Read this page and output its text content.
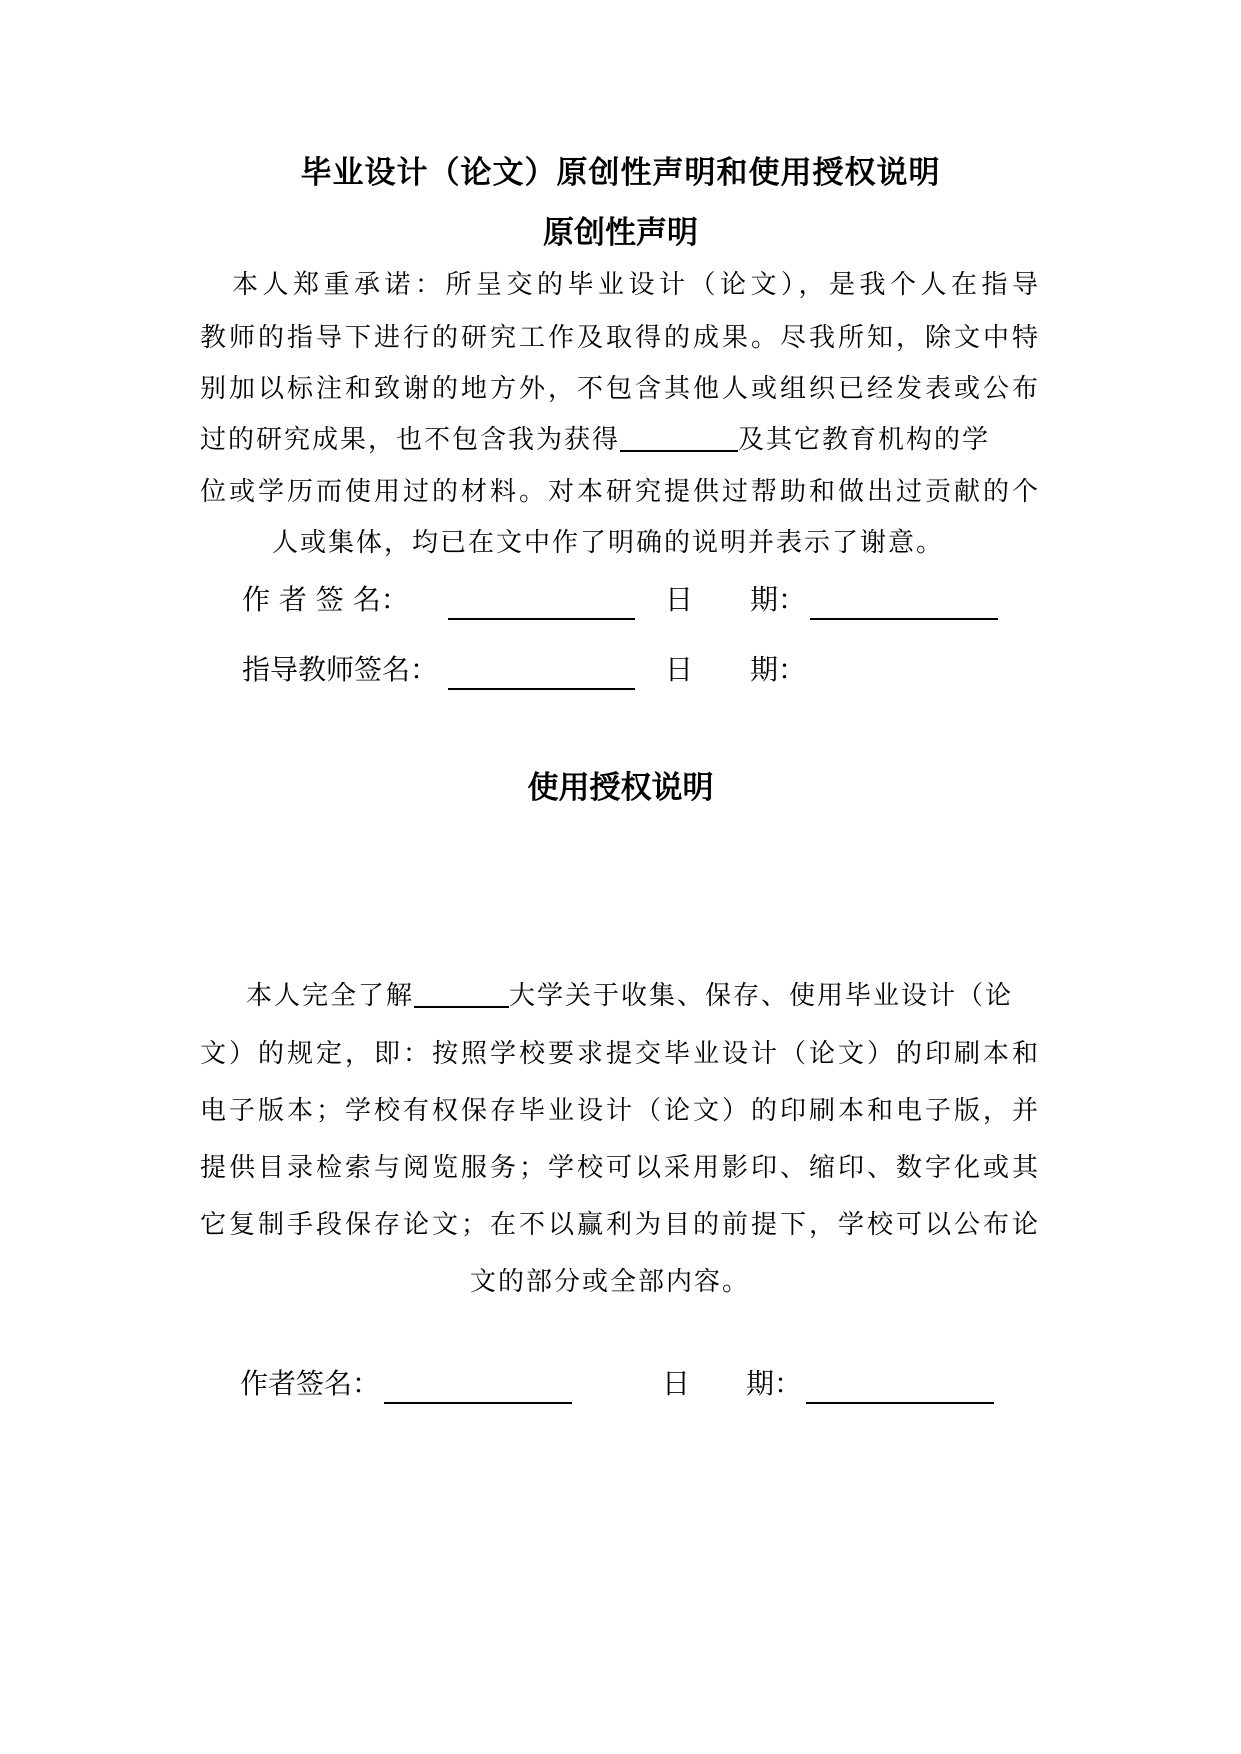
毕业设计（论文）原创性声明和使用授权说明
原创性声明
本人郑重承诺：所呈交的毕业设计（论文），是我个人在指导
教师的指导下进行的研究工作及取得的成果。尽我所知，除文中特
别加以标注和致谢的地方外，不包含其他人或组织已经发表或公布
过的研究成果，也不包含我为获得	及其它教育机构的学
位或学历而使用过的材料。对本研究提供过帮助和做出过贡献的个
人或集体，均已在文中作了明确的说明并表示了谢意。
作 者 签 名：	日 期：
指导教师签名：	日 期：
使用授权说明
本人完全了解	大学关于收集、保存、使用毕业设计（论
文）的规定，即：按照学校要求提交毕业设计（论文）的印刷本和
电子版本；学校有权保存毕业设计（论文）的印刷本和电子版，并
提供目录检索与阅览服务；学校可以采用影印、缩印、数字化或其
它复制手段保存论文；在不以赢利为目的前提下，学校可以公布论
文的部分或全部内容。
作者签名：	日 期：
